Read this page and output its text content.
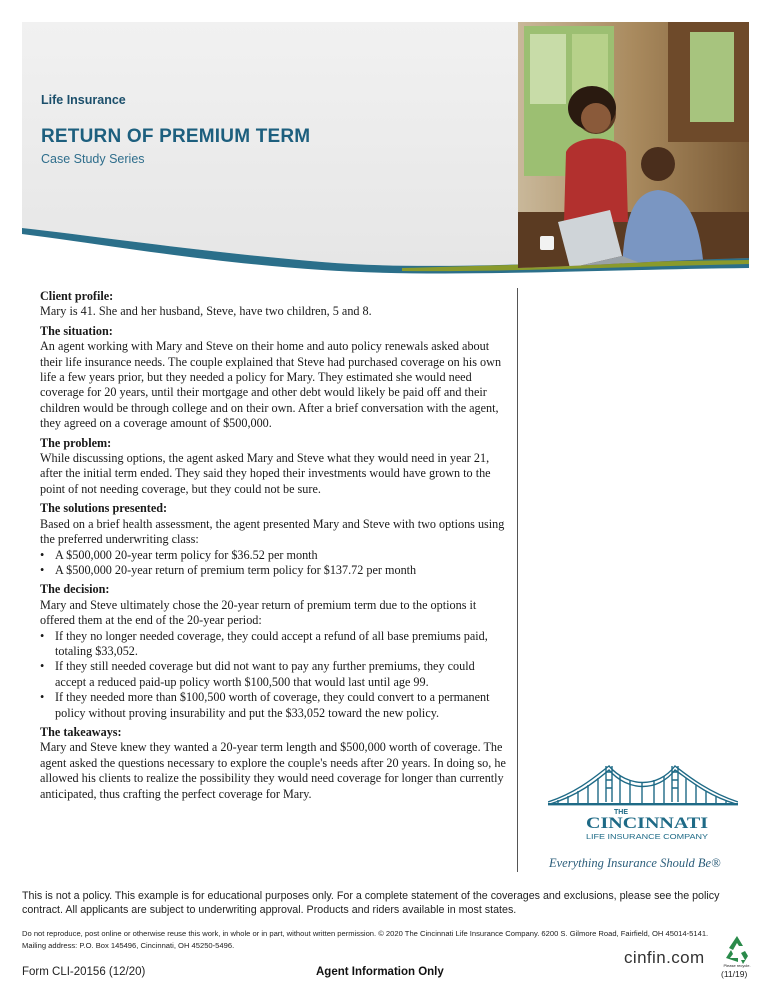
Life Insurance
RETURN OF PREMIUM TERM
Case Study Series
Client profile:
Mary is 41. She and her husband, Steve, have two children, 5 and 8.
The situation:
An agent working with Mary and Steve on their home and auto policy renewals asked about their life insurance needs. The couple explained that Steve had purchased coverage on his own life a few years prior, but they needed a policy for Mary. They estimated she would need coverage for 20 years, until their mortgage and other debt would likely be paid off and their children would be through college and on their own. After a brief conversation with the agent, they agreed on a coverage amount of $500,000.
The problem:
While discussing options, the agent asked Mary and Steve what they would need in year 21, after the initial term ended. They said they hoped their investments would have grown to the point of not needing coverage, but they could not be sure.
The solutions presented:
Based on a brief health assessment, the agent presented Mary and Steve with two options using the preferred underwriting class:
• A $500,000 20-year term policy for $36.52 per month
• A $500,000 20-year return of premium term policy for $137.72 per month
The decision:
Mary and Steve ultimately chose the 20-year return of premium term due to the options it offered them at the end of the 20-year period:
• If they no longer needed coverage, they could accept a refund of all base premiums paid, totaling $33,052.
• If they still needed coverage but did not want to pay any further premiums, they could accept a reduced paid-up policy worth $100,500 that would last until age 99.
• If they needed more than $100,500 worth of coverage, they could convert to a permanent policy without proving insurability and put the $33,052 toward the new policy.
The takeaways:
Mary and Steve knew they wanted a 20-year term length and $500,000 worth of coverage. The agent asked the questions necessary to explore the couple's needs after 20 years. In doing so, he allowed his clients to realize the possibility they would need coverage for longer than currently anticipated, thus crafting the perfect coverage for Mary.
THE
CINCINNATI
LIFE INSURANCE COMPANY
Everything Insurance Should Be®
This is not a policy. This example is for educational purposes only. For a complete statement of the coverages and exclusions, please see the policy contract. All applicants are subject to underwriting approval. Products and riders available in most states.
Do not reproduce, post online or otherwise reuse this work, in whole or in part, without written permission. © 2020 The Cincinnati Life Insurance Company. 6200 S. Gilmore Road, Fairfield, OH 45014-5141. Mailing address: P.O. Box 145496, Cincinnati, OH 45250-5496.
Form CLI-20156 (12/20)	Agent Information Only
cinfin.com	Please recycle.
(11/19)
